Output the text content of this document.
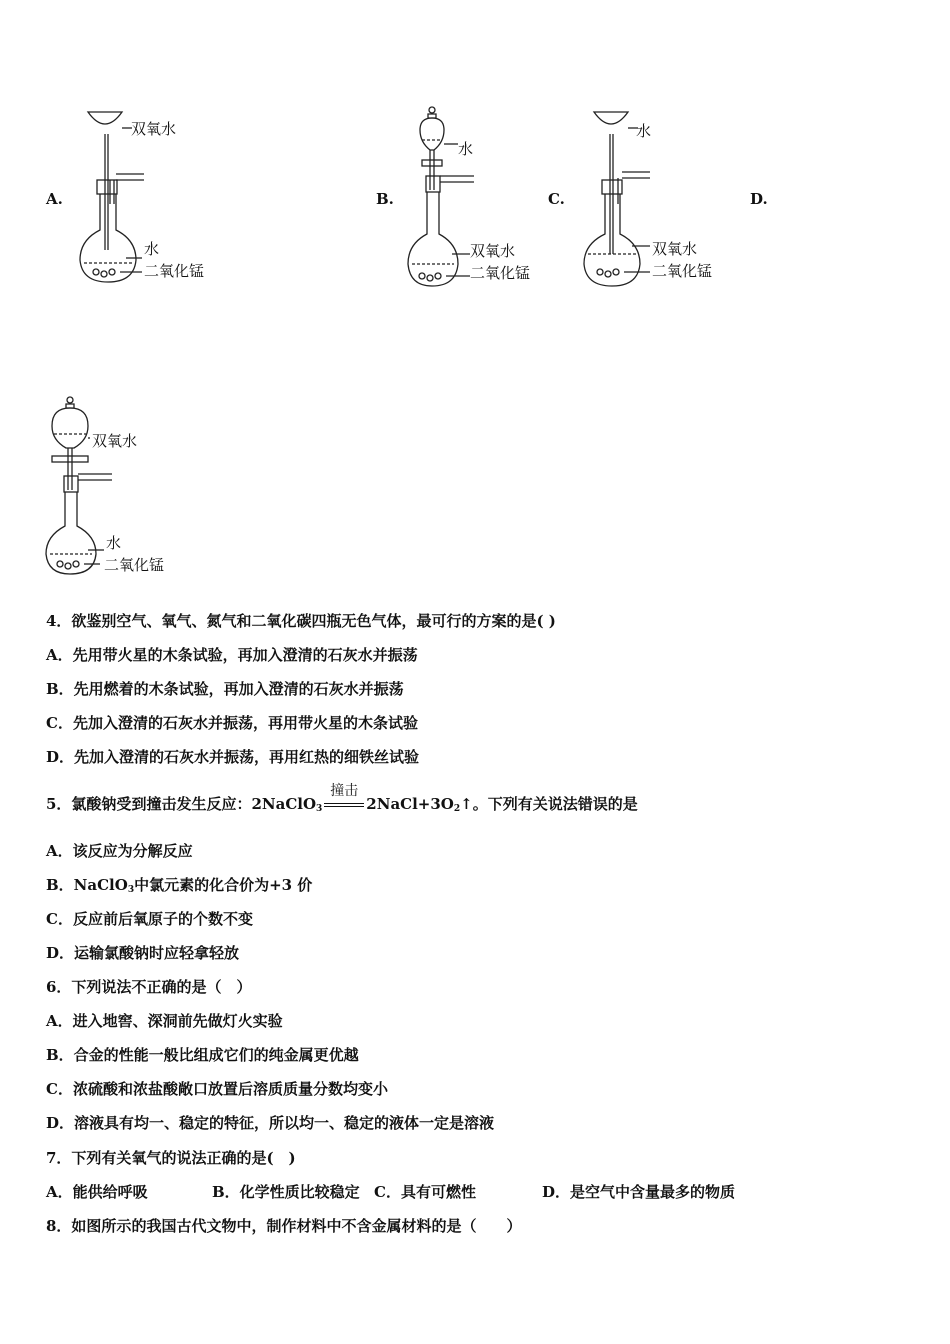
A.	B.	C.	D.
双氧水
水
二氧化锰
水
双氧水
二氧化锰
水
双氧水
二氧化锰
双氧水
水
二氧化锰
4．欲鉴别空气、氧气、氮气和二氧化碳四瓶无色气体，最可行的方案的是( )
A．先用带火星的木条试验，再加入澄清的石灰水并振荡
B．先用燃着的木条试验，再加入澄清的石灰水并振荡
C．先加入澄清的石灰水并振荡，再用带火星的木条试验
D．先加入澄清的石灰水并振荡，再用红热的细铁丝试验
5．氯酸钠受到撞击发生反应：2NaClO$_3$
撞击
$2NaCl+3O_2↑$。下列有关说法错误的是
A．该反应为分解反应
B．NaClO$_3$中氯元素的化合价为+3 价
C．反应前后氧原子的个数不变
D．运输氯酸钠时应轻拿轻放
6．下列说法不正确的是（　）
A．进入地窖、深洞前先做灯火实验
B．合金的性能一般比组成它们的纯金属更优越
C．浓硫酸和浓盐酸敞口放置后溶质质量分数均变小
D．溶液具有均一、稳定的特征，所以均一、稳定的液体一定是溶液
7．下列有关氧气的说法正确的是(　)
A．能供给呼吸	B．化学性质比较稳定 C．具有可燃性	D．是空气中含量最多的物质
8．如图所示的我国古代文物中，制作材料中不含金属材料的是（　　）
